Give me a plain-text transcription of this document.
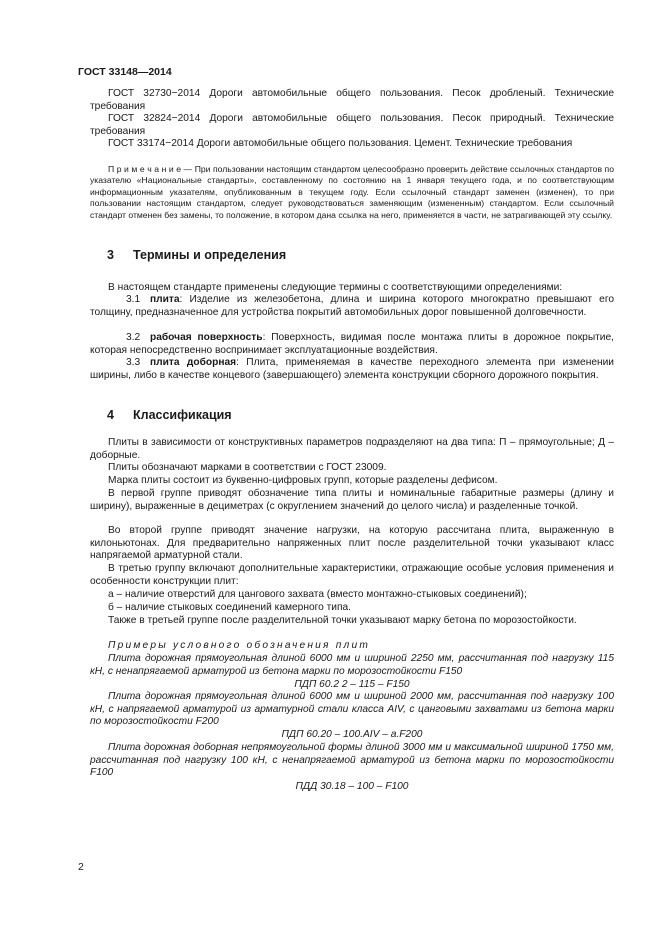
ГОСТ 33148—2014
ГОСТ 32730−2014 Дороги автомобильные общего пользования. Песок дробленый. Технические требования
ГОСТ 32824−2014 Дороги автомобильные общего пользования. Песок природный. Технические требования
ГОСТ 33174−2014 Дороги автомобильные общего пользования. Цемент. Технические требования
П р и м е ч а н и е — При пользовании настоящим стандартом целесообразно проверить действие ссылочных стандартов по указателю «Национальные стандарты», составленному по состоянию на 1 января текущего года, и по соответствующим информационным указателям, опубликованным в текущем году. Если ссылочный стандарт заменен (изменен), то при пользовании настоящим стандартом, следует руководствоваться заменяющим (измененным) стандартом. Если ссылочный стандарт отменен без замены, то положение, в котором дана ссылка на него, применяется в части, не затрагивающей эту ссылку.
3 Термины и определения
В настоящем стандарте применены следующие термины с соответствующими определениями:
3.1 плита: Изделие из железобетона, длина и ширина которого многократно превышают его толщину, предназначенное для устройства покрытий автомобильных дорог повышенной долговечности.
3.2 рабочая поверхность: Поверхность, видимая после монтажа плиты в дорожное покрытие, которая непосредственно воспринимает эксплуатационные воздействия.
3.3 плита доборная: Плита, применяемая в качестве переходного элемента при изменении ширины, либо в качестве концевого (завершающего) элемента конструкции сборного дорожного покрытия.
4 Классификация
Плиты в зависимости от конструктивных параметров подразделяют на два типа: П – прямоугольные; Д – доборные.
Плиты обозначают марками в соответствии с ГОСТ 23009.
Марка плиты состоит из буквенно-цифровых групп, которые разделены дефисом.
В первой группе приводят обозначение типа плиты и номинальные габаритные размеры (длину и ширину), выраженные в дециметрах (с округлением значений до целого числа) и разделенные точкой.
Во второй группе приводят значение нагрузки, на которую рассчитана плита, выраженную в килоньютонах. Для предварительно напряженных плит после разделительной точки указывают класс напрягаемой арматурной стали.
В третью группу включают дополнительные характеристики, отражающие особые условия применения и особенности конструкции плит:
а – наличие отверстий для цангового захвата (вместо монтажно-стыковых соединений);
б – наличие стыковых соединений камерного типа.
Также в третьей группе после разделительной точки указывают марку бетона по морозостойкости.
Примеры условного обозначения плит
Плита дорожная прямоугольная длиной 6000 мм и шириной 2250 мм, рассчитанная под нагрузку 115 кН, с ненапрягаемой арматурой из бетона марки по морозостойкости F150
ПДП 60.2 2 – 115 – F150
Плита дорожная прямоугольная длиной 6000 мм и шириной 2000 мм, рассчитанная под нагрузку 100 кН, с напрягаемой арматурой из арматурной стали класса AIV, с цанговыми захватами из бетона марки по морозостойкости F200
ПДП 60.20 – 100.AIV – а.F200
Плита дорожная доборная непрямоугольной формы длиной 3000 мм и максимальной шириной 1750 мм, рассчитанная под нагрузку 100 кН, с ненапрягаемой арматурой из бетона марки по морозостойкости F100
ПДД 30.18 – 100 – F100
2
